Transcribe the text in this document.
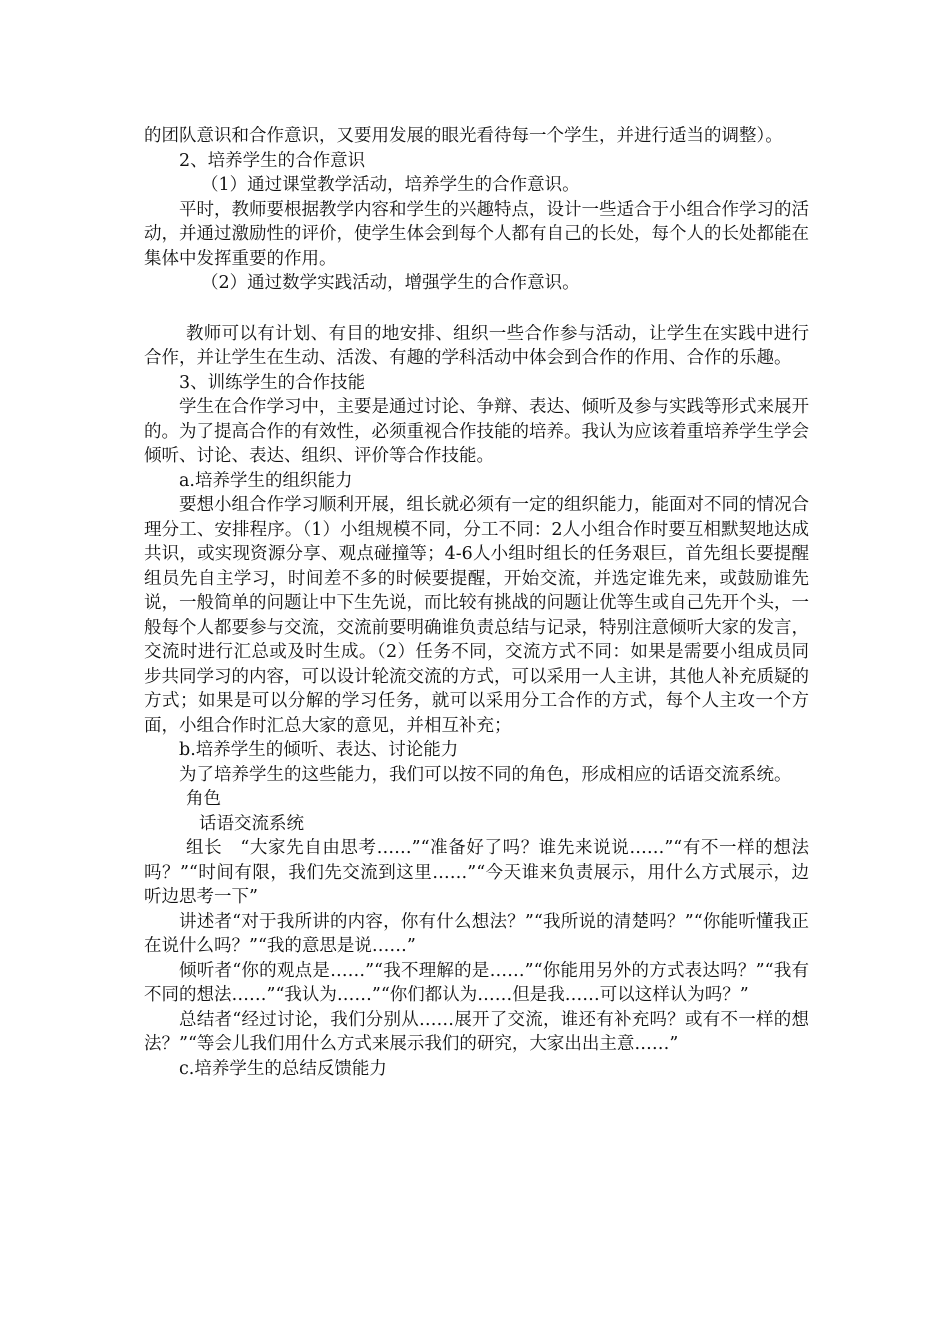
的团队意识和合作意识，又要用发展的眼光看待每一个学生，并进行适当的调整）。

2、培养学生的合作意识

（1）通过课堂教学活动，培养学生的合作意识。

平时，教师要根据教学内容和学生的兴趣特点，设计一些适合于小组合作学习的活动，并通过激励性的评价，使学生体会到每个人都有自己的长处，每个人的长处都能在集体中发挥重要的作用。

（2）通过数学实践活动，增强学生的合作意识。

教师可以有计划、有目的地安排、组织一些合作参与活动，让学生在实践中进行合作，并让学生在生动、活泼、有趣的学科活动中体会到合作的作用、合作的乐趣。

3、训练学生的合作技能

学生在合作学习中，主要是通过讨论、争辩、表达、倾听及参与实践等形式来展开的。为了提高合作的有效性，必须重视合作技能的培养。我认为应该着重培养学生学会倾听、讨论、表达、组织、评价等合作技能。

a.培养学生的组织能力

要想小组合作学习顺利开展，组长就必须有一定的组织能力，能面对不同的情况合理分工、安排程序。（1）小组规模不同，分工不同：2人小组合作时要互相默契地达成共识，或实现资源分享、观点碰撞等；4-6人小组时组长的任务艰巨，首先组长要提醒组员先自主学习，时间差不多的时候要提醒，开始交流，并选定谁先来，或鼓励谁先说，一般简单的问题让中下生先说，而比较有挑战的问题让优等生或自己先开个头，一般每个人都要参与交流，交流前要明确谁负责总结与记录，特别注意倾听大家的发言，交流时进行汇总或及时生成。（2）任务不同，交流方式不同：如果是需要小组成员同步共同学习的内容，可以设计轮流交流的方式，可以采用一人主讲，其他人补充质疑的方式；如果是可以分解的学习任务，就可以采用分工合作的方式，每个人主攻一个方面，小组合作时汇总大家的意见，并相互补充；

b.培养学生的倾听、表达、讨论能力

为了培养学生的这些能力，我们可以按不同的角色，形成相应的话语交流系统。

角色

话语交流系统

组长　“大家先自由思考……”“准备好了吗？谁先来说说……”“有不一样的想法吗？”“时间有限，我们先交流到这里……”“今天谁来负责展示，用什么方式展示，边听边思考一下”

讲述者“对于我所讲的内容，你有什么想法？”“我所说的清楚吗？”“你能听懂我正在说什么吗？”“我的意思是说……”

倾听者“你的观点是……”“我不理解的是……”“你能用另外的方式表达吗？”“我有不同的想法……”“我认为……”“你们都认为……但是我……可以这样认为吗？”

总结者“经过讨论，我们分别从……展开了交流，谁还有补充吗？或有不一样的想法？”“等会儿我们用什么方式来展示我们的研究，大家出出主意……”

c.培养学生的总结反馈能力
